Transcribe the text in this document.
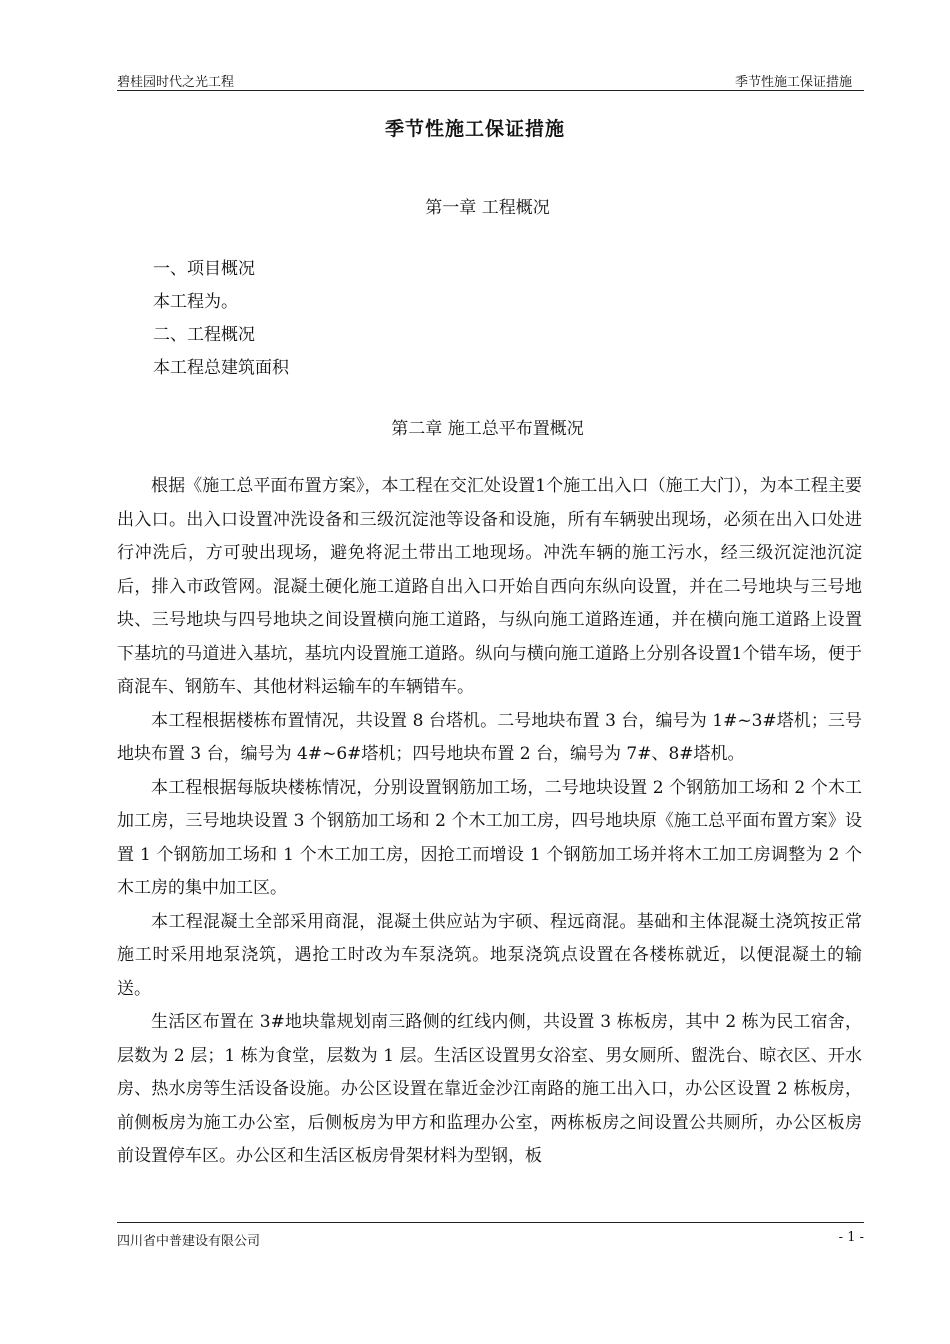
碧桂园时代之光工程	季节性施工保证措施
季节性施工保证措施
第一章 工程概况
一、项目概况
本工程为。
二、工程概况
本工程总建筑面积
第二章 施工总平布置概况

根据《施工总平面布置方案》，本工程在交汇处设置1个施工出入口（施工大门），为本工程主要出入口。出入口设置冲洗设备和三级沉淀池等设备和设施，所有车辆驶出现场，必须在出入口处进行冲洗后，方可驶出现场，避免将泥土带出工地现场。冲洗车辆的施工污水，经三级沉淀池沉淀后，排入市政管网。混凝土硬化施工道路自出入口开始自西向东纵向设置，并在二号地块与三号地块、三号地块与四号地块之间设置横向施工道路，与纵向施工道路连通，并在横向施工道路上设置下基坑的马道进入基坑，基坑内设置施工道路。纵向与横向施工道路上分别各设置1个错车场，便于商混车、钢筋车、其他材料运输车的车辆错车。

本工程根据楼栋布置情况，共设置 8 台塔机。二号地块布置 3 台，编号为 1#~3#塔机；三号地块布置 3 台，编号为 4#~6#塔机；四号地块布置 2 台，编号为 7#、8#塔机。

本工程根据每版块楼栋情况，分别设置钢筋加工场，二号地块设置 2 个钢筋加工场和 2 个木工加工房，三号地块设置 3 个钢筋加工场和 2 个木工加工房，四号地块原《施工总平面布置方案》设置 1 个钢筋加工场和 1 个木工加工房，因抢工而增设 1 个钢筋加工场并将木工加工房调整为 2 个木工房的集中加工区。

本工程混凝土全部采用商混，混凝土供应站为宇硕、程远商混。基础和主体混凝土浇筑按正常施工时采用地泵浇筑，遇抢工时改为车泵浇筑。地泵浇筑点设置在各楼栋就近，以便混凝土的输送。

生活区布置在 3#地块靠规划南三路侧的红线内侧，共设置 3 栋板房，其中 2 栋为民工宿舍，层数为 2 层；1 栋为食堂，层数为 1 层。生活区设置男女浴室、男女厕所、盥洗台、晾衣区、开水房、热水房等生活设备设施。办公区设置在靠近金沙江南路的施工出入口，办公区设置 2 栋板房，前侧板房为施工办公室，后侧板房为甲方和监理办公室，两栋板房之间设置公共厕所，办公区板房前设置停车区。办公区和生活区板房骨架材料为型钢，板

四川省中普建设有限公司	- 1 -
